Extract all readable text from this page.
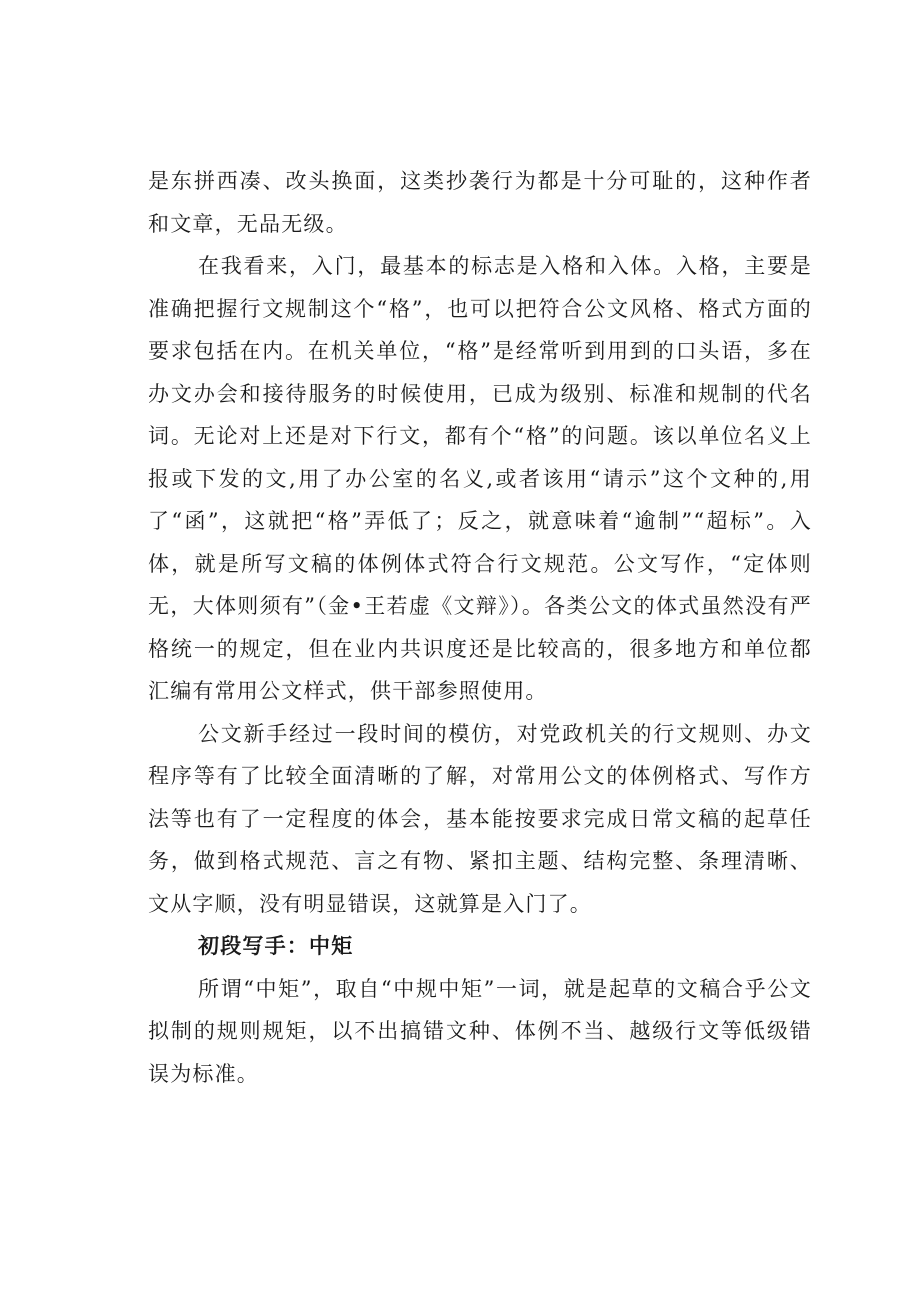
是东拼西凑、改头换面，这类抄袭行为都是十分可耻的，这种作者和文章，无品无级。

在我看来，入门，最基本的标志是入格和入体。入格，主要是准确把握行文规制这个“格”，也可以把符合公文风格、格式方面的要求包括在内。在机关单位，“格”是经常听到用到的口头语，多在办文办会和接待服务的时候使用，已成为级别、标准和规制的代名词。无论对上还是对下行文，都有个“格”的问题。该以单位名义上报或下发的文,用了办公室的名义,或者该用“请示”这个文种的,用了“函”，这就把“格”弄低了；反之，就意味着“逾制”“超标”。入体，就是所写文稿的体例体式符合行文规范。公文写作，“定体则无，大体则须有”（金•王若虚《文辩》）。各类公文的体式虽然没有严格统一的规定，但在业内共识度还是比较高的，很多地方和单位都汇编有常用公文样式，供干部参照使用。

公文新手经过一段时间的模仿，对党政机关的行文规则、办文程序等有了比较全面清晰的了解，对常用公文的体例格式、写作方法等也有了一定程度的体会，基本能按要求完成日常文稿的起草任务，做到格式规范、言之有物、紧扣主题、结构完整、条理清晰、文从字顺，没有明显错误，这就算是入门了。

初段写手：中矩

所谓“中矩”，取自“中规中矩”一词，就是起草的文稿合乎公文拟制的规则规矩，以不出搞错文种、体例不当、越级行文等低级错误为标准。
